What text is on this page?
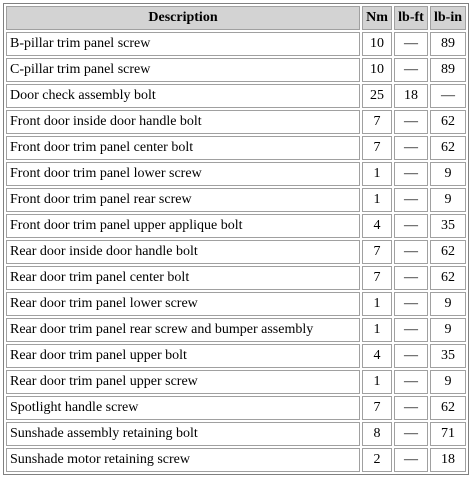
Description	Nm	lb-ft	lb-in
B-pillar trim panel screw	10	—	89
C-pillar trim panel screw	10	—	89
Door check assembly bolt	25	18	—
Front door inside door handle bolt	7	—	62
Front door trim panel center bolt	7	—	62
Front door trim panel lower screw	1	—	9
Front door trim panel rear screw	1	—	9
Front door trim panel upper applique bolt	4	—	35
Rear door inside door handle bolt	7	—	62
Rear door trim panel center bolt	7	—	62
Rear door trim panel lower screw	1	—	9
Rear door trim panel rear screw and bumper assembly	1	—	9
Rear door trim panel upper bolt	4	—	35
Rear door trim panel upper screw	1	—	9
Spotlight handle screw	7	—	62
Sunshade assembly retaining bolt	8	—	71
Sunshade motor retaining screw	2	—	18
